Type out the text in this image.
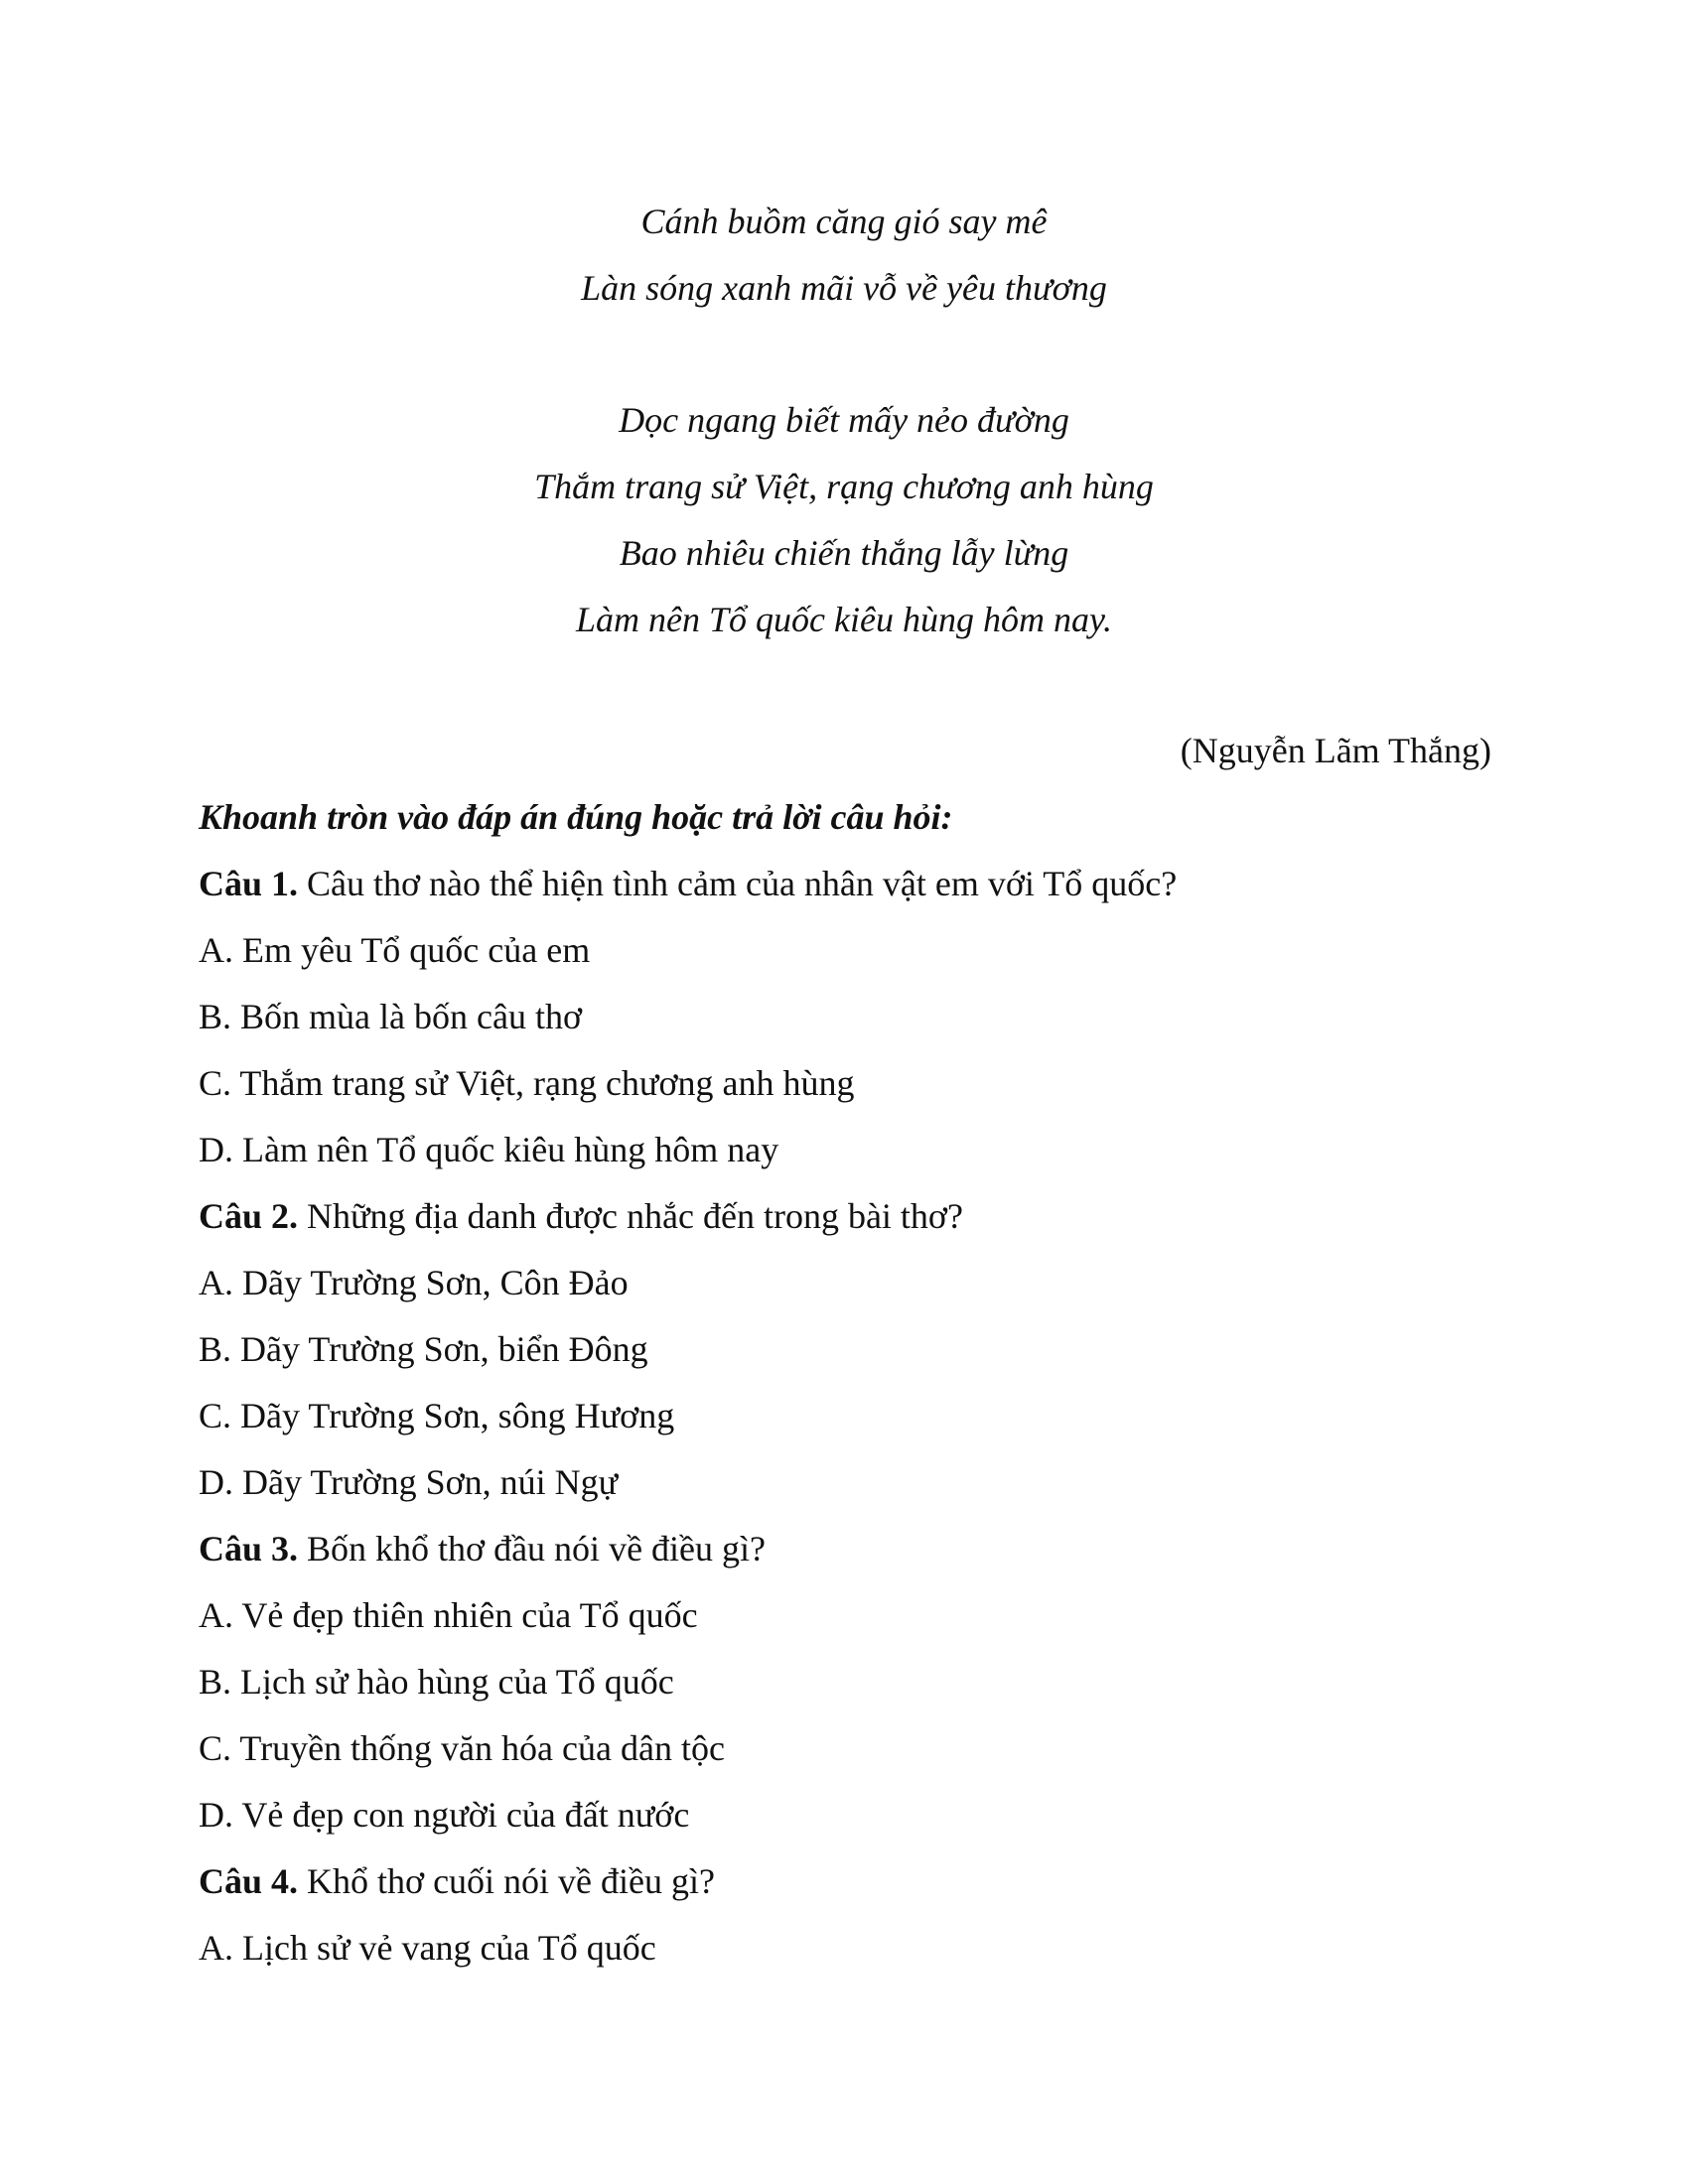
Cánh buồm căng gió say mê
Làn sóng xanh mãi vỗ về yêu thương
Dọc ngang biết mấy nẻo đường
Thắm trang sử Việt, rạng chương anh hùng
Bao nhiêu chiến thắng lẫy lừng
Làm nên Tổ quốc kiêu hùng hôm nay.
(Nguyễn Lãm Thắng)
Khoanh tròn vào đáp án đúng hoặc trả lời câu hỏi:
Câu 1. Câu thơ nào thể hiện tình cảm của nhân vật em với Tổ quốc?
A. Em yêu Tổ quốc của em
B. Bốn mùa là bốn câu thơ
C. Thắm trang sử Việt, rạng chương anh hùng
D. Làm nên Tổ quốc kiêu hùng hôm nay
Câu 2. Những địa danh được nhắc đến trong bài thơ?
A. Dãy Trường Sơn, Côn Đảo
B. Dãy Trường Sơn, biển Đông
C. Dãy Trường Sơn, sông Hương
D. Dãy Trường Sơn, núi Ngự
Câu 3. Bốn khổ thơ đầu nói về điều gì?
A. Vẻ đẹp thiên nhiên của Tổ quốc
B. Lịch sử hào hùng của Tổ quốc
C. Truyền thống văn hóa của dân tộc
D. Vẻ đẹp con người của đất nước
Câu 4. Khổ thơ cuối nói về điều gì?
A. Lịch sử vẻ vang của Tổ quốc
